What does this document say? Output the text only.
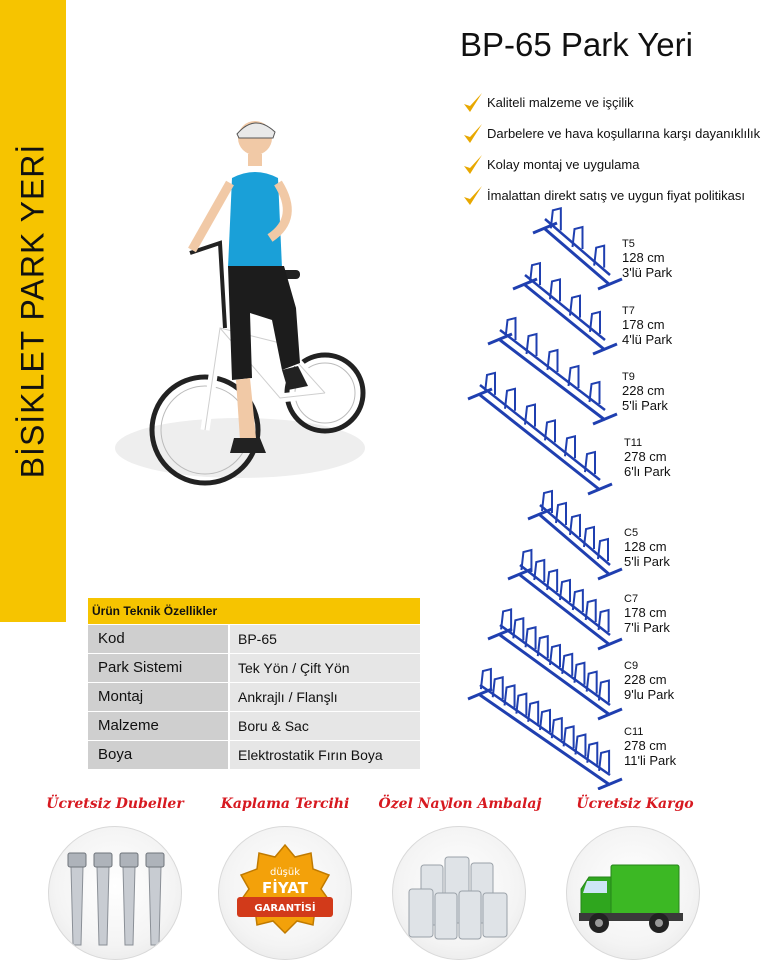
BİSİKLET PARK YERİ
BP-65 Park Yeri
Kaliteli malzeme ve işçilik
Darbelere ve hava koşullarına karşı dayanıklılık
Kolay montaj ve uygulama
İmalattan direkt satış ve uygun fiyat politikası
T5
128 cm
3'lü Park
T7
178 cm
4'lü Park
T9
228 cm
5'li Park
T11
278 cm
6'lı Park
C5
128 cm
5'li Park
C7
178 cm
7'li Park
C9
228 cm
9'lu Park
C11
278 cm
11'li Park
Ürün Teknik Özellikler
Kod	BP-65
Park Sistemi	Tek Yön / Çift Yön
Montaj	Ankrajlı / Flanşlı
Malzeme	Boru & Sac
Boya	Elektrostatik Fırın Boya
Ücretsiz Dubeller	Kaplama Tercihi	Özel Naylon Ambalaj	Ücretsiz Kargo
düşük
FİYAT
GARANTİSİ
